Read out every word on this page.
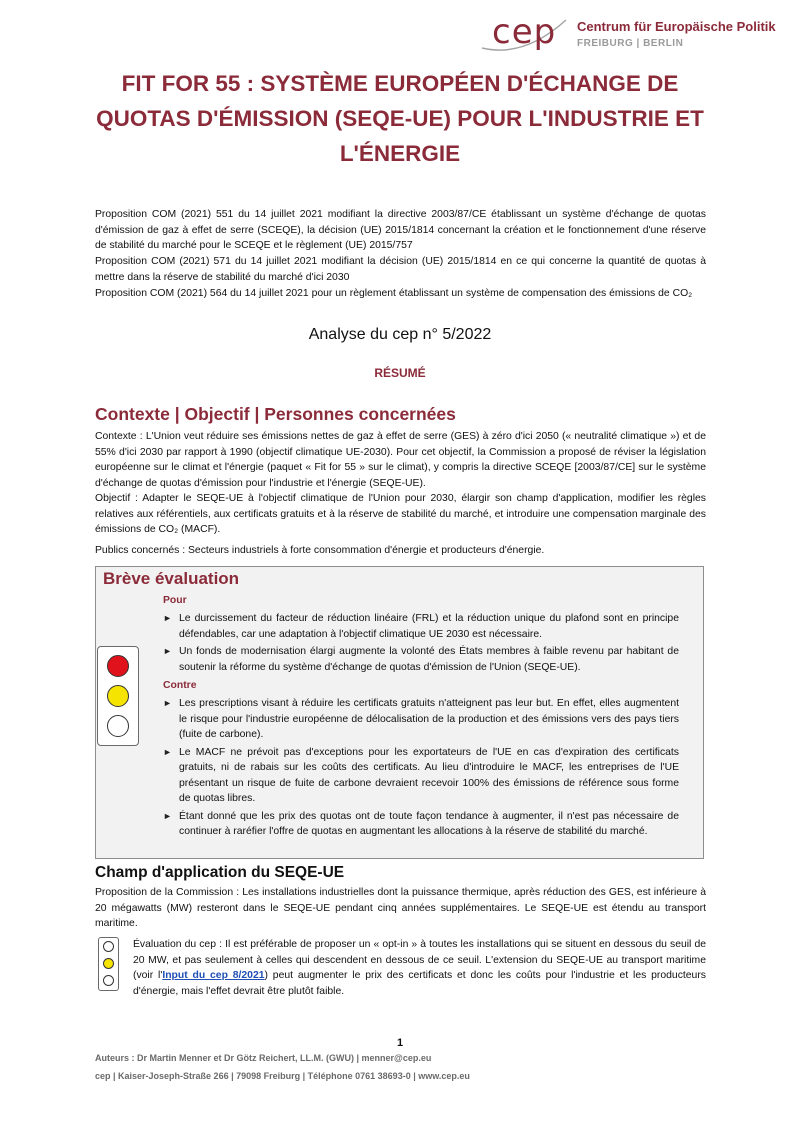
cep Centrum für Europäische Politik
FREIBURG | BERLIN
FIT FOR 55 : SYSTÈME EUROPÉEN D'ÉCHANGE DE
QUOTAS D'ÉMISSION (SEQE-UE) POUR L'INDUSTRIE ET
L'ÉNERGIE

Proposition COM (2021) 551 du 14 juillet 2021 modifiant la directive 2003/87/CE établissant un système d'échange de quotas d'émission de gaz à effet de serre (SCEQE), la décision (UE) 2015/1814 concernant la création et le fonctionnement d'une réserve de stabilité du marché pour le SCEQE et le règlement (UE) 2015/757

Proposition COM (2021) 571 du 14 juillet 2021 modifiant la décision (UE) 2015/1814 en ce qui concerne la quantité de quotas à mettre dans la réserve de stabilité du marché d'ici 2030

Proposition COM (2021) 564 du 14 juillet 2021 pour un règlement établissant un système de compensation des émissions de CO₂

Analyse du cep n° 5/2022
RÉSUMÉ
Contexte | Objectif | Personnes concernées

Contexte : L'Union veut réduire ses émissions nettes de gaz à effet de serre (GES) à zéro d'ici 2050 (« neutralité climatique ») et de 55% d'ici 2030 par rapport à 1990 (objectif climatique UE-2030). Pour cet objectif, la Commission a proposé de réviser la législation européenne sur le climat et l'énergie (paquet « Fit for 55 » sur le climat), y compris la directive SCEQE [2003/87/CE] sur le système d'échange de quotas d'émission pour l'industrie et l'énergie (SEQE-UE).

Objectif : Adapter le SEQE-UE à l'objectif climatique de l'Union pour 2030, élargir son champ d'application, modifier les règles relatives aux référentiels, aux certificats gratuits et à la réserve de stabilité du marché, et introduire une compensation marginale des émissions de CO₂ (MACF).

Publics concernés : Secteurs industriels à forte consommation d'énergie et producteurs d'énergie.

Brève évaluation
Pour
► Le durcissement du facteur de réduction linéaire (FRL) et la réduction unique du plafond sont en principe défendables, car une adaptation à l'objectif climatique UE 2030 est nécessaire.
► Un fonds de modernisation élargi augmente la volonté des États membres à faible revenu par habitant de soutenir la réforme du système d'échange de quotas d'émission de l'Union (SEQE-UE).
Contre
► Les prescriptions visant à réduire les certificats gratuits n'atteignent pas leur but. En effet, elles augmentent le risque pour l'industrie européenne de délocalisation de la production et des émissions vers des pays tiers (fuite de carbone).
► Le MACF ne prévoit pas d'exceptions pour les exportateurs de l'UE en cas d'expiration des certificats gratuits, ni de rabais sur les coûts des certificats. Au lieu d'introduire le MACF, les entreprises de l'UE présentant un risque de fuite de carbone devraient recevoir 100% des émissions de référence sous forme de quotas libres.
► Étant donné que les prix des quotas ont de toute façon tendance à augmenter, il n'est pas nécessaire de continuer à raréfier l'offre de quotas en augmentant les allocations à la réserve de stabilité du marché.
Champ d'application du SEQE-UE

Proposition de la Commission : Les installations industrielles dont la puissance thermique, après réduction des GES, est inférieure à 20 mégawatts (MW) resteront dans le SEQE-UE pendant cinq années supplémentaires. Le SEQE-UE est étendu au transport maritime.

Évaluation du cep : Il est préférable de proposer un « opt-in » à toutes les installations qui se situent en dessous du seuil de 20 MW, et pas seulement à celles qui descendent en dessous de ce seuil. L'extension du SEQE-UE au transport maritime (voir l'Input du cep 8/2021) peut augmenter le prix des certificats et donc les coûts pour l'industrie et les producteurs d'énergie, mais l'effet devrait être plutôt faible.

1
Auteurs : Dr Martin Menner et Dr Götz Reichert, LL.M. (GWU) | menner@cep.eu
cep | Kaiser-Joseph-Straße 266 | 79098 Freiburg | Téléphone 0761 38693-0 | www.cep.eu
